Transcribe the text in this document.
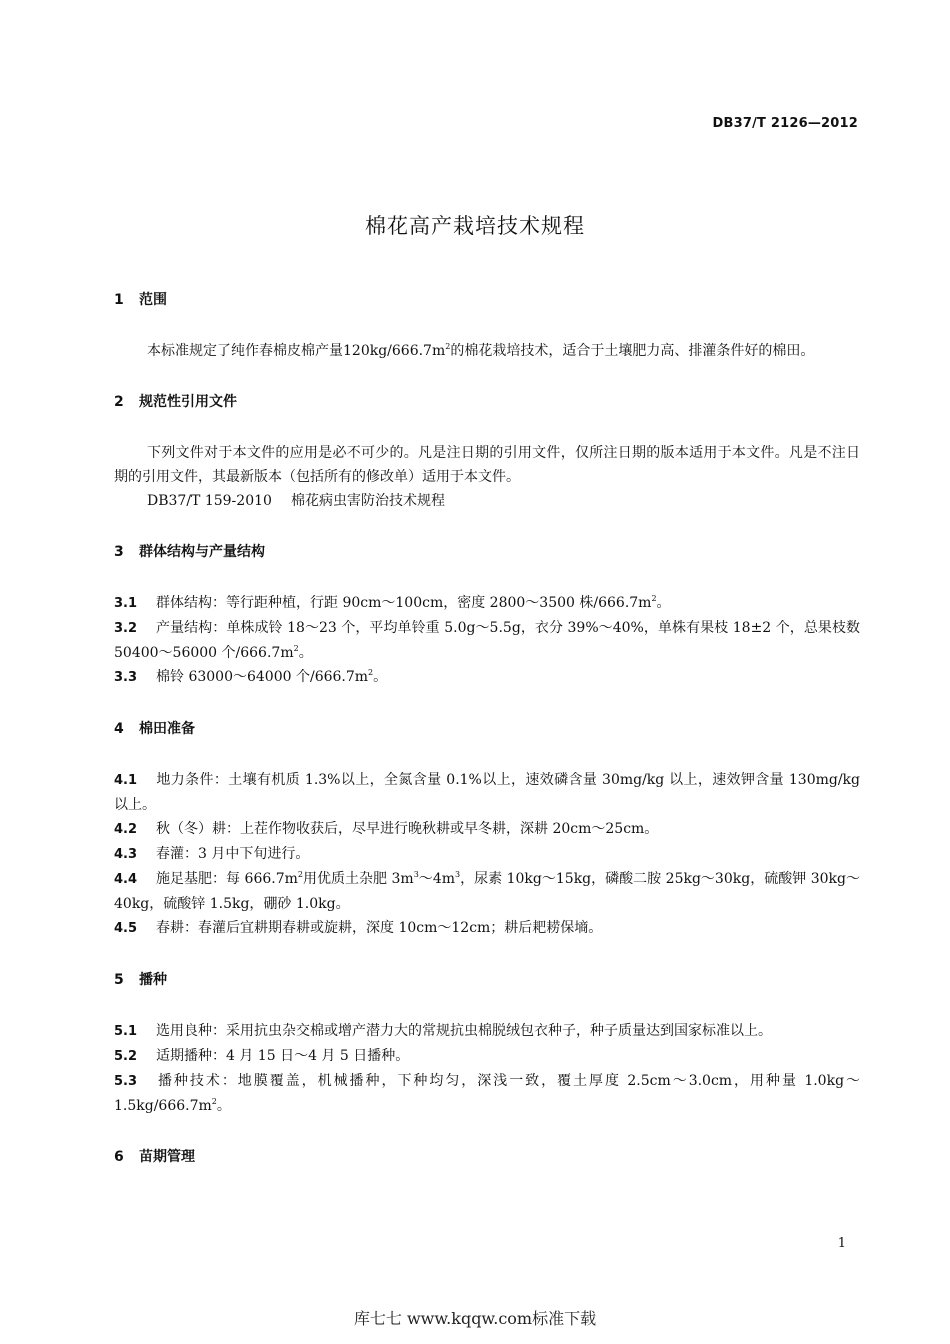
DB37/T 2126—2012
棉花高产栽培技术规程

1 范围

本标准规定了纯作春棉皮棉产量$120kg/666.7m^2$的棉花栽培技术，适合于土壤肥力高、排灌条件好的棉田。

2 规范性引用文件

下列文件对于本文件的应用是必不可少的。凡是注日期的引用文件，仅所注日期的版本适用于本文件。凡是不注日期的引用文件，其最新版本（包括所有的修改单）适用于本文件。

DB37/T 159-2010 棉花病虫害防治技术规程

3 群体结构与产量结构

3.1 群体结构：等行距种植，行距 90cm～100cm，密度 2800～3500 株$/666.7m^2$。

3.2 产量结构：单株成铃 18～23 个，平均单铃重 5.0g～5.5g，衣分 39%～40%，单株有果枝 18±2 个，总果枝数 50400～56000 个$/666.7m^2$。

3.3 棉铃 63000～64000 个$/666.7m^2$。

4 棉田准备

4.1 地力条件：土壤有机质 1.3%以上，全氮含量 0.1%以上，速效磷含量 30mg/kg 以上，速效钾含量 130mg/kg 以上。

4.2 秋（冬）耕：上茬作物收获后，尽早进行晚秋耕或早冬耕，深耕 20cm～25cm。

4.3 春灌：3 月中下旬进行。

4.4 施足基肥：每 $666.7m^2$用优质土杂肥 $3m^3\sim 4m^3$，尿素 10kg～15kg，磷酸二胺 25kg～30kg，硫酸钾 30kg～40kg，硫酸锌 1.5kg，硼砂 1.0kg。

4.5 春耕：春灌后宜耕期春耕或旋耕，深度 10cm～12cm；耕后耙耢保墒。

5 播种

5.1 选用良种：采用抗虫杂交棉或增产潜力大的常规抗虫棉脱绒包衣种子，种子质量达到国家标准以上。

5.2 适期播种：4 月 15 日～4 月 5 日播种。

5.3 播种技术：地膜覆盖，机械播种，下种均匀，深浅一致，覆土厚度 2.5cm～3.0cm，用种量 $1.0kg\sim 1.5kg/666.7m^2$。

6 苗期管理

1
库七七 www.kqqw.com标准下载
